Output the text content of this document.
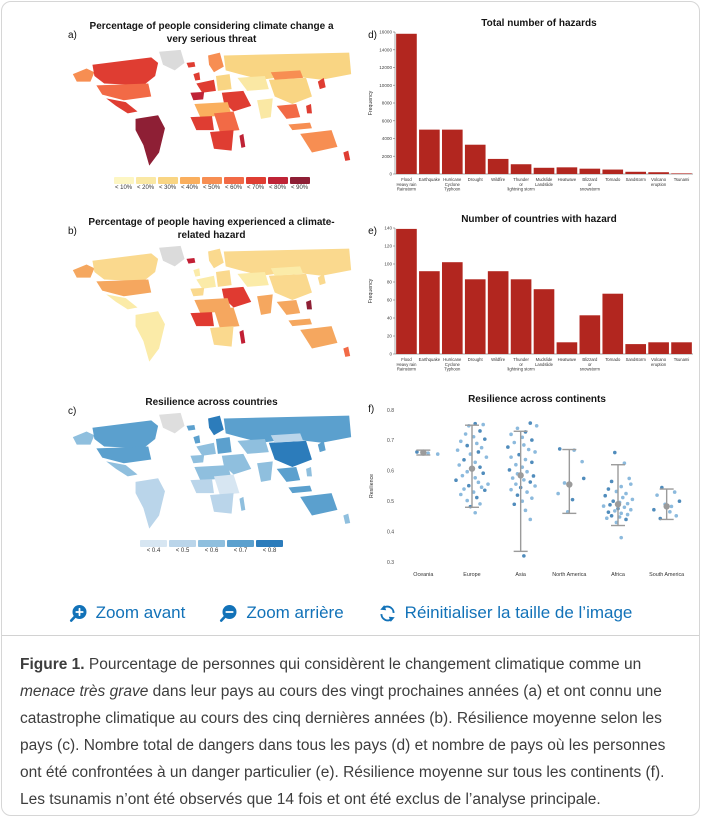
a)
Percentage of people considering climate change a very serious threat
< 10% < 20% < 30% < 40% < 50% < 60% < 70% < 80% < 90%
b)
Percentage of people having experienced a climate-related hazard
c)
Resilience across countries
< 0.4	< 0.5	< 0.6	< 0.7	< 0.8
d)
Total number of hazards
0
2000
4000
6000
8000
10000
12000
14000
16000
Frequency
Flood Heavy rain Rainstorm
Earthquake Hurricane Cyclone Typhoon
Drought Wildfire	Thunder or lightning storm
Mudslide Landslide
Heatwave	Blizzard or snowstorm
Tornado Sandstorm Volcano eruption
Tsunami
e)
Number of countries with hazard
0
20
40
60
80
100
120
140
Frequency
Flood Heavy rain Rainstorm
Earthquake Hurricane Cyclone Typhoon
Drought Wildfire	Thunder or lightning storm
Mudslide Landslide
Heatwave	Blizzard or snowstorm
Tornado Sandstorm Volcano eruption
Tsunami
f)
Resilience across continents
0.3
0.4
0.5
0.6
0.7
0.8
Resilience
Oceania	Europe	Asia	North America	Africa	South America
Zoom avant	Zoom arrière	Réinitialiser la taille de l’image

Figure 1. Pourcentage de personnes qui considèrent le changement climatique comme un menace très grave dans leur pays au cours des vingt prochaines années (a) et ont connu une catastrophe climatique au cours des cinq dernières années (b). Résilience moyenne selon les pays (c). Nombre total de dangers dans tous les pays (d) et nombre de pays où les personnes ont été confrontées à un danger particulier (e). Résilience moyenne sur tous les continents (f). Les tsunamis n’ont été observés que 14 fois et ont été exclus de l’analyse principale.
